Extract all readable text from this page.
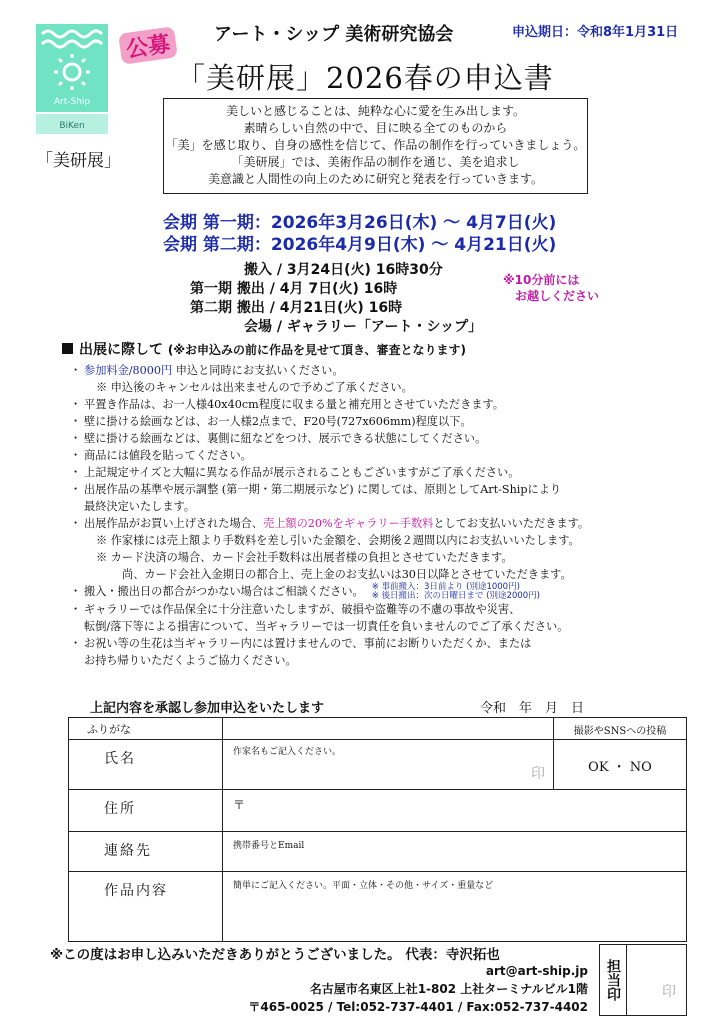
Art-Ship
BiKen
「美研展」
公募	アート・シップ 美術研究協会	申込期日：令和8年1月31日
「美研展」2026春の申込書
美しいと感じることは、純粋な心に愛を生み出します。
素晴らしい自然の中で、目に映る全てのものから
「美」を感じ取り、自身の感性を信じて、作品の制作を行っていきましょう。
「美研展」では、美術作品の制作を通じ、美を追求し
美意識と人間性の向上のために研究と発表を行っていきます。
会期 第一期：2026年3月26日(木) ～ 4月7日(火)
会期 第二期：2026年4月9日(木) ～ 4月21日(火)
搬入 / 3月24日(火) 16時30分
第一期 搬出 / 4月 7日(火) 16時
第二期 搬出 / 4月21日(火) 16時
会場 / ギャラリー「アート・シップ」
※10分前には
お越しください
出展に際して (※お申込みの前に作品を見せて頂き、審査となります)
・ 参加料金/8000円 申込と同時にお支払いください。
※ 申込後のキャンセルは出来ませんので予めご了承ください。
・ 平置き作品は、お一人様40x40cm程度に収まる量と補充用とさせていただきます。
・ 壁に掛ける絵画などは、お一人様2点まで、F20号(727x606mm)程度以下。
・ 壁に掛ける絵画などは、裏側に紐などをつけ、展示できる状態にしてください。
・ 商品には値段を貼ってください。
・ 上記規定サイズと大幅に異なる作品が展示されることもございますがご了承ください。
・ 出展作品の基準や展示調整 (第一期・第二期展示など) に関しては、原則としてArt-Shipにより
最終決定いたします。
・ 出展作品がお買い上げされた場合、売上額の20%をギャラリー手数料としてお支払いいただきます。
※ 作家様には売上額より手数料を差し引いた金額を、会期後２週間以内にお支払いいたします。
※ カード決済の場合、カード会社手数料は出展者様の負担とさせていただきます。
尚、カード会社入金期日の都合上、売上金のお支払いは30日以降とさせていただきます。
・ 搬入・搬出日の都合がつかない場合はご相談ください。 ※ 事前搬入：3日前より (別途1000円)
※ 後日搬出：次の日曜日まで (別途2000円)
・ ギャラリーでは作品保全に十分注意いたしますが、破損や盗難等の不慮の事故や災害、
転倒/落下等による損害について、当ギャラリーでは一切責任を負いませんのでご了承ください。
・ お祝い等の生花は当ギャラリー内には置けませんので、事前にお断りいただくか、または
お持ち帰りいただくようご協力ください。
上記内容を承認し参加申込をいたします	令和　年　月　日
ふりがな		撮影やSNSへの投稿
氏名	作家名もご記入ください。
印	OK ・ NO
住所	〒	
連絡先	携帯番号とEmail	
作品内容	簡単にご記入ください。平面・立体・その他・サイズ・重量など	
※この度はお申し込みいただきありがとうございました。 代表：寺沢拓也
art@art-ship.jp
名古屋市名東区上社1-802 上社ターミナルビル1階
〒465-0025 / Tel:052-737-4401 / Fax:052-737-4402
担当印	印
